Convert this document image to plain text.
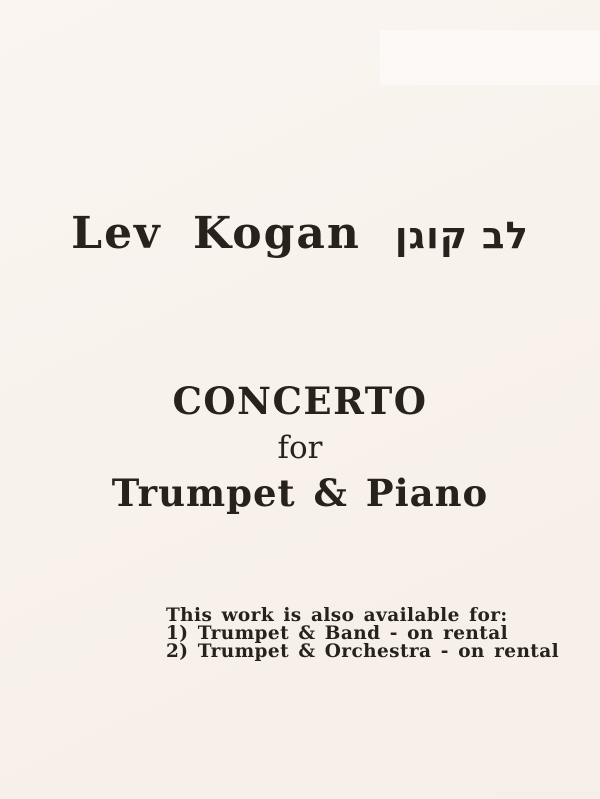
Lev Kogan לב קוגן
CONCERTO
for
Trumpet & Piano
This work is also available for:
1) Trumpet & Band - on rental
2) Trumpet & Orchestra - on rental
